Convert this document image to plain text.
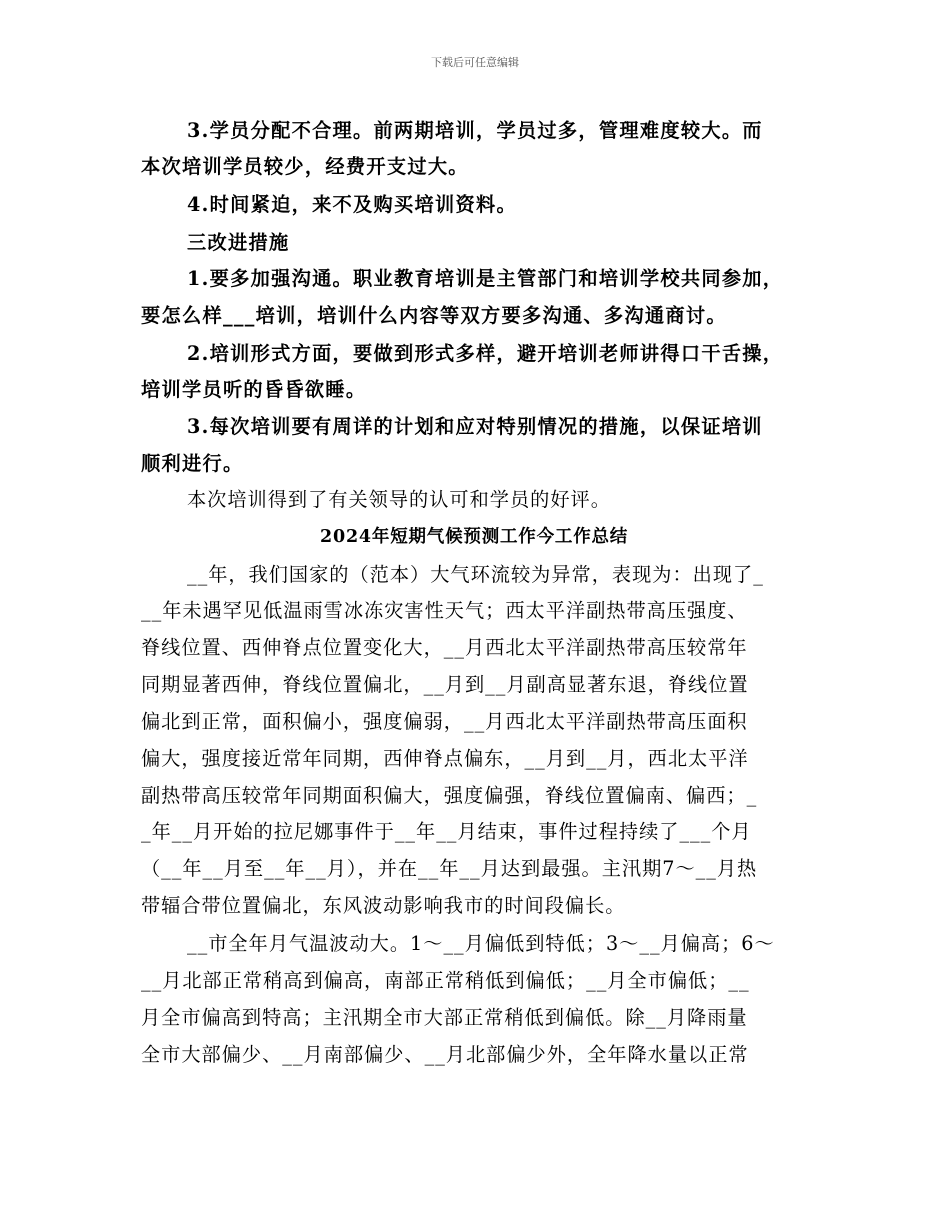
下载后可任意编辑
3.学员分配不合理。前两期培训，学员过多，管理难度较大。而
本次培训学员较少，经费开支过大。
4.时间紧迫，来不及购买培训资料。
三改进措施
1.要多加强沟通。职业教育培训是主管部门和培训学校共同参加，
要怎么样___培训，培训什么内容等双方要多沟通、多沟通商讨。
2.培训形式方面，要做到形式多样，避开培训老师讲得口干舌操，
培训学员听的昏昏欲睡。
3.每次培训要有周详的计划和应对特别情况的措施，以保证培训
顺利进行。
本次培训得到了有关领导的认可和学员的好评。
2024年短期气候预测工作今工作总结
__年，我们国家的（范本）大气环流较为异常，表现为：出现了_
__年未遇罕见低温雨雪冰冻灾害性天气；西太平洋副热带高压强度、
脊线位置、西伸脊点位置变化大，__月西北太平洋副热带高压较常年
同期显著西伸，脊线位置偏北，__月到__月副高显著东退，脊线位置
偏北到正常，面积偏小，强度偏弱，__月西北太平洋副热带高压面积
偏大，强度接近常年同期，西伸脊点偏东，__月到__月，西北太平洋
副热带高压较常年同期面积偏大，强度偏强，脊线位置偏南、偏西；_
_年__月开始的拉尼娜事件于__年__月结束，事件过程持续了___个月
（__年__月至__年__月），并在__年__月达到最强。主汛期7～__月热
带辐合带位置偏北，东风波动影响我市的时间段偏长。
__市全年月气温波动大。1～__月偏低到特低；3～__月偏高；6～
__月北部正常稍高到偏高，南部正常稍低到偏低；__月全市偏低；__
月全市偏高到特高；主汛期全市大部正常稍低到偏低。除__月降雨量
全市大部偏少、__月南部偏少、__月北部偏少外，全年降水量以正常
